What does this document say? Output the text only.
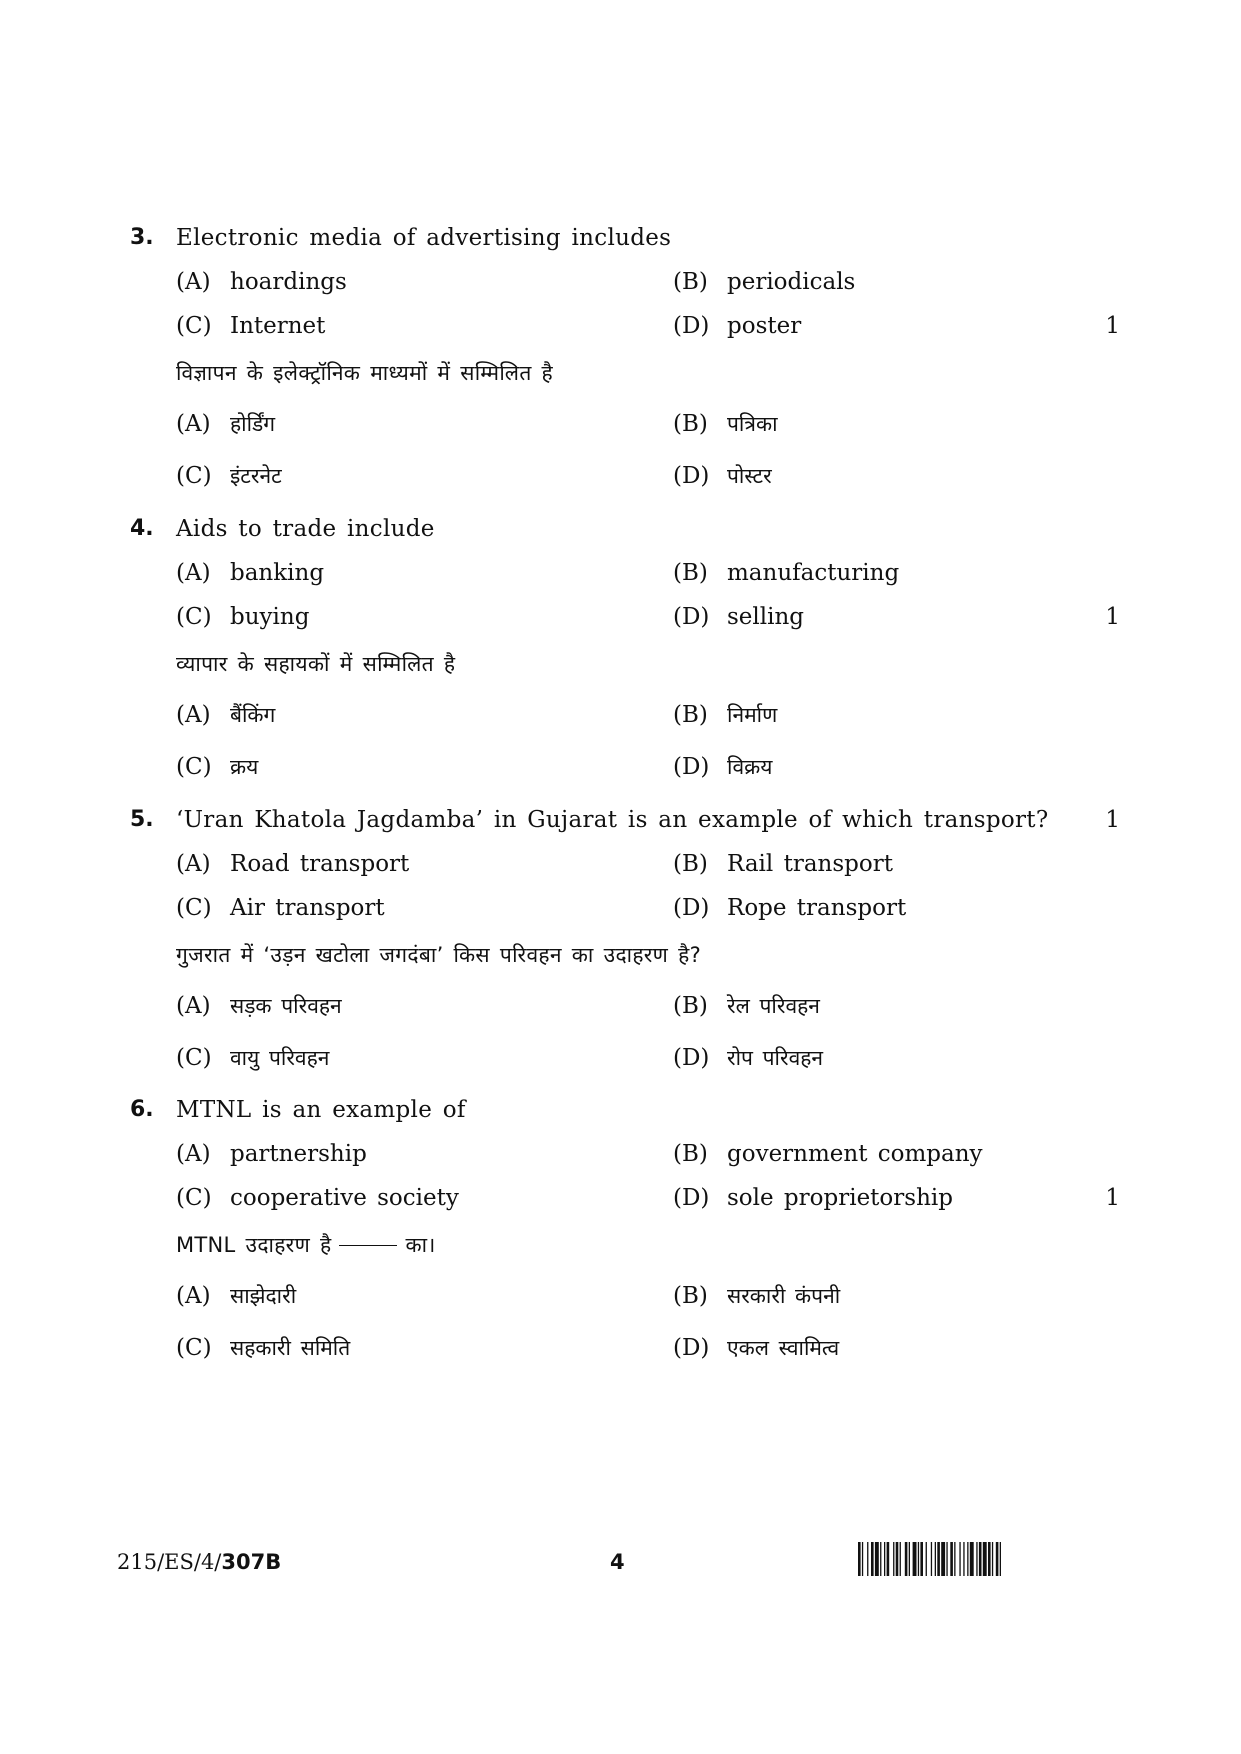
3. Electronic media of advertising includes
(A) hoardings	(B) periodicals
(C) Internet	(D) poster	1
विज्ञापन के इलेक्ट्रॉनिक माध्यमों में सम्मिलित है
(A) होर्डिंग	(B) पत्रिका
(C) इंटरनेट	(D) पोस्टर
4. Aids to trade include
(A) banking	(B) manufacturing
(C) buying	(D) selling	1
व्यापार के सहायकों में सम्मिलित है
(A) बैंकिंग	(B) निर्माण
(C) क्रय	(D) विक्रय
5. ‘Uran Khatola Jagdamba’ in Gujarat is an example of which transport? 1
(A) Road transport	(B) Rail transport
(C) Air transport	(D) Rope transport
गुजरात में ‘उड़न खटोला जगदंबा’ किस परिवहन का उदाहरण है?
(A) सड़क परिवहन	(B) रेल परिवहन
(C) वायु परिवहन	(D) रोप परिवहन
6. MTNL is an example of
(A) partnership	(B) government company
(C) cooperative society	(D) sole proprietorship	1
MTNL उदाहरण है	का।
(A) साझेदारी	(B) सरकारी कंपनी
(C) सहकारी समिति	(D) एकल स्वामित्व
215/ES/4/307B	4
